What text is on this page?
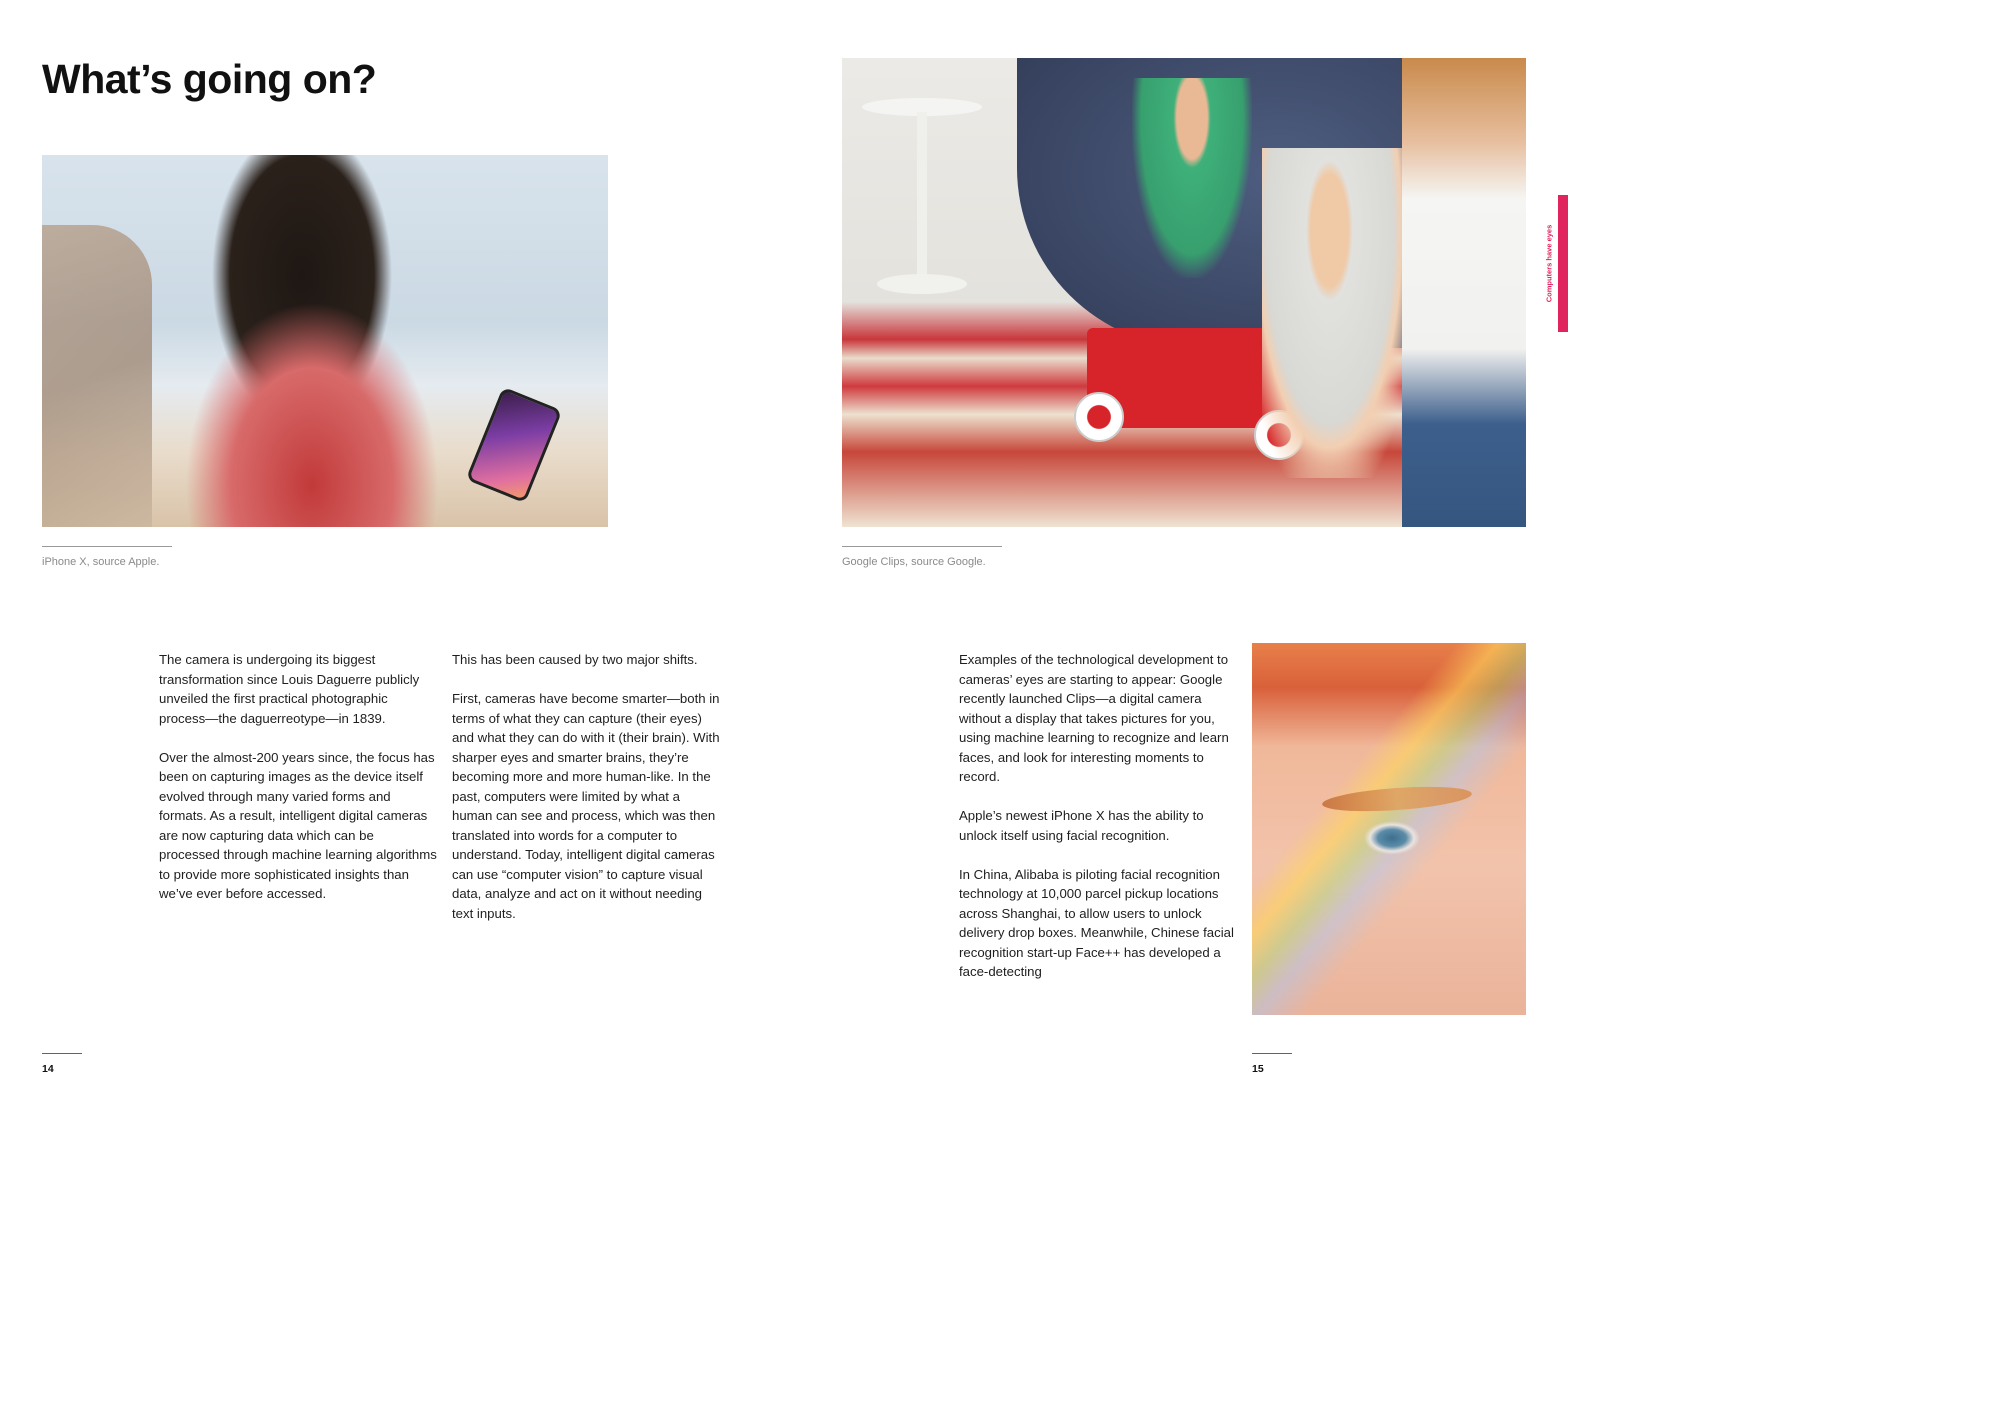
What’s going on?
iPhone X, source Apple.	Google Clips, source Google.
Computers have eyes

The camera is undergoing its biggest transformation since Louis Daguerre publicly unveiled the first practical photographic process—the daguerreotype—in 1839.

Over the almost-200 years since, the focus has been on capturing images as the device itself evolved through many varied forms and formats. As a result, intelligent digital cameras are now capturing data which can be processed through machine learning algorithms to provide more sophisticated insights than we’ve ever before accessed.

This has been caused by two major shifts.

First, cameras have become smarter—both in terms of what they can capture (their eyes) and what they can do with it (their brain). With sharper eyes and smarter brains, they’re becoming more and more human-like. In the past, computers were limited by what a human can see and process, which was then translated into words for a computer to understand. Today, intelligent digital cameras can use “computer vision” to capture visual data, analyze and act on it without needing text inputs.

Examples of the technological development to cameras’ eyes are starting to appear: Google recently launched Clips—a digital camera without a display that takes pictures for you, using machine learning to recognize and learn faces, and look for interesting moments to record.

Apple’s newest iPhone X has the ability to unlock itself using facial recognition.

In China, Alibaba is piloting facial recognition technology at 10,000 parcel pickup locations across Shanghai, to allow users to unlock delivery drop boxes. Meanwhile, Chinese facial recognition start-up Face++ has developed a face-detecting

14	15
